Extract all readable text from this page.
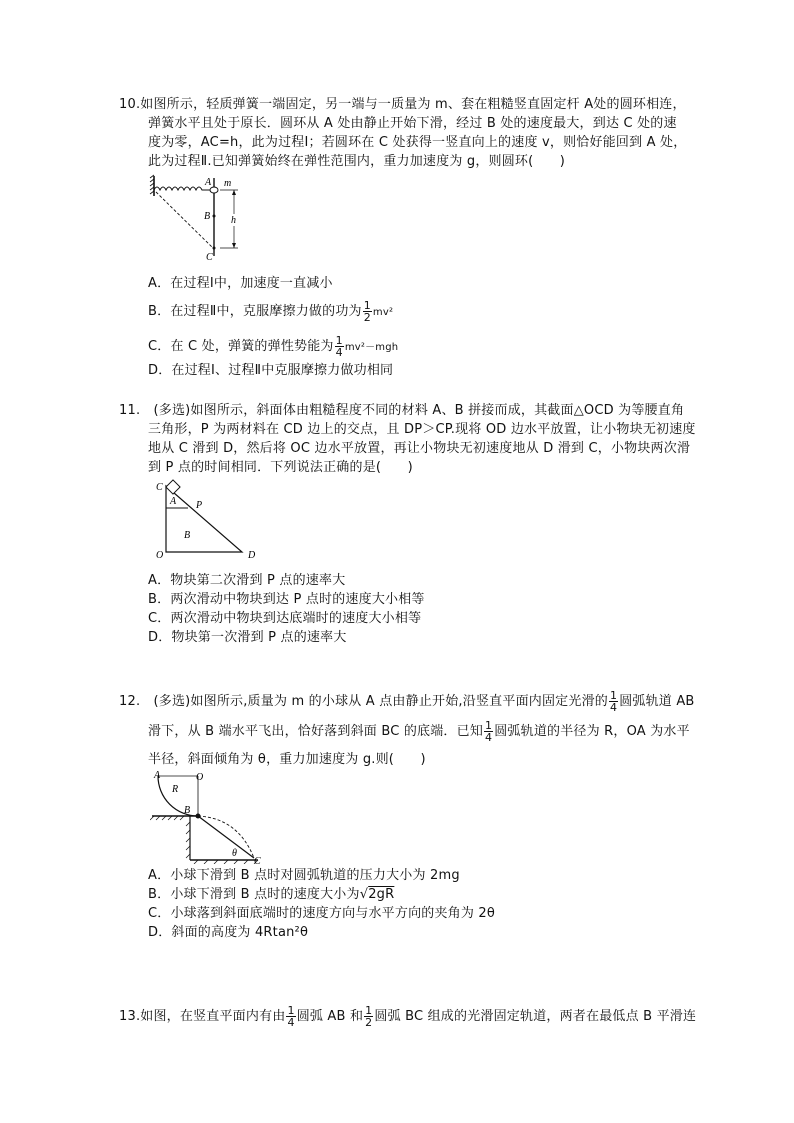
10.如图所示，轻质弹簧一端固定，另一端与一质量为 m、套在粗糙竖直固定杆 A处的圆环相连，
弹簧水平且处于原长．圆环从 A 处由静止开始下滑，经过 B 处的速度最大，到达 C 处的速
度为零，AC=h，此为过程Ⅰ；若圆环在 C 处获得一竖直向上的速度 v，则恰好能回到 A 处，
此为过程Ⅱ.已知弹簧始终在弹性范围内，重力加速度为 g，则圆环(　　)
A m
B h
C
A．在过程Ⅰ中，加速度一直减小
B．在过程Ⅱ中，克服摩擦力做的功为 $\frac{1}{2} mv^2$
C．在 C 处，弹簧的弹性势能为 $\frac{1}{4} mv^2-mgh$
D．在过程Ⅰ、过程Ⅱ中克服摩擦力做功相同
11.　(多选)如图所示，斜面体由粗糙程度不同的材料 A、B 拼接而成，其截面△OCD 为等腰直角
三角形，P 为两材料在 CD 边上的交点，且 DP＞CP.现将 OD 边水平放置，让小物块无初速度
地从 C 滑到 D，然后将 OC 边水平放置，再让小物块无初速度地从 D 滑到 C，小物块两次滑
到 P 点的时间相同．下列说法正确的是(　　)
C
A P
B
O	D
A．物块第二次滑到 P 点的速率大
B．两次滑动中物块到达 P 点时的速度大小相等
C．两次滑动中物块到达底端时的速度大小相等
D．物块第一次滑到 P 点的速率大
12.　(多选)如图所示,质量为 m 的小球从 A 点由静止开始,沿竖直平面内固定光滑的 $\frac{1}{4}$ 圆弧轨道 AB
滑下，从 B 端水平飞出，恰好落到斜面 BC 的底端．已知 $\frac{1}{4}$ 圆弧轨道的半径为 R，OA 为水平
半径，斜面倾角为 θ，重力加速度为 g.则(　　)
A	O
R
B
θ
C
A．小球下滑到 B 点时对圆弧轨道的压力大小为 2mg
B．小球下滑到 B 点时的速度大小为√2gR
C．小球落到斜面底端时的速度方向与水平方向的夹角为 2θ
D．斜面的高度为 4Rtan²θ
13.如图，在竖直平面内有由 $\frac{1}{4}$ 圆弧 AB 和 $\frac{1}{2}$ 圆弧 BC 组成的光滑固定轨道，两者在最低点 B 平滑连
